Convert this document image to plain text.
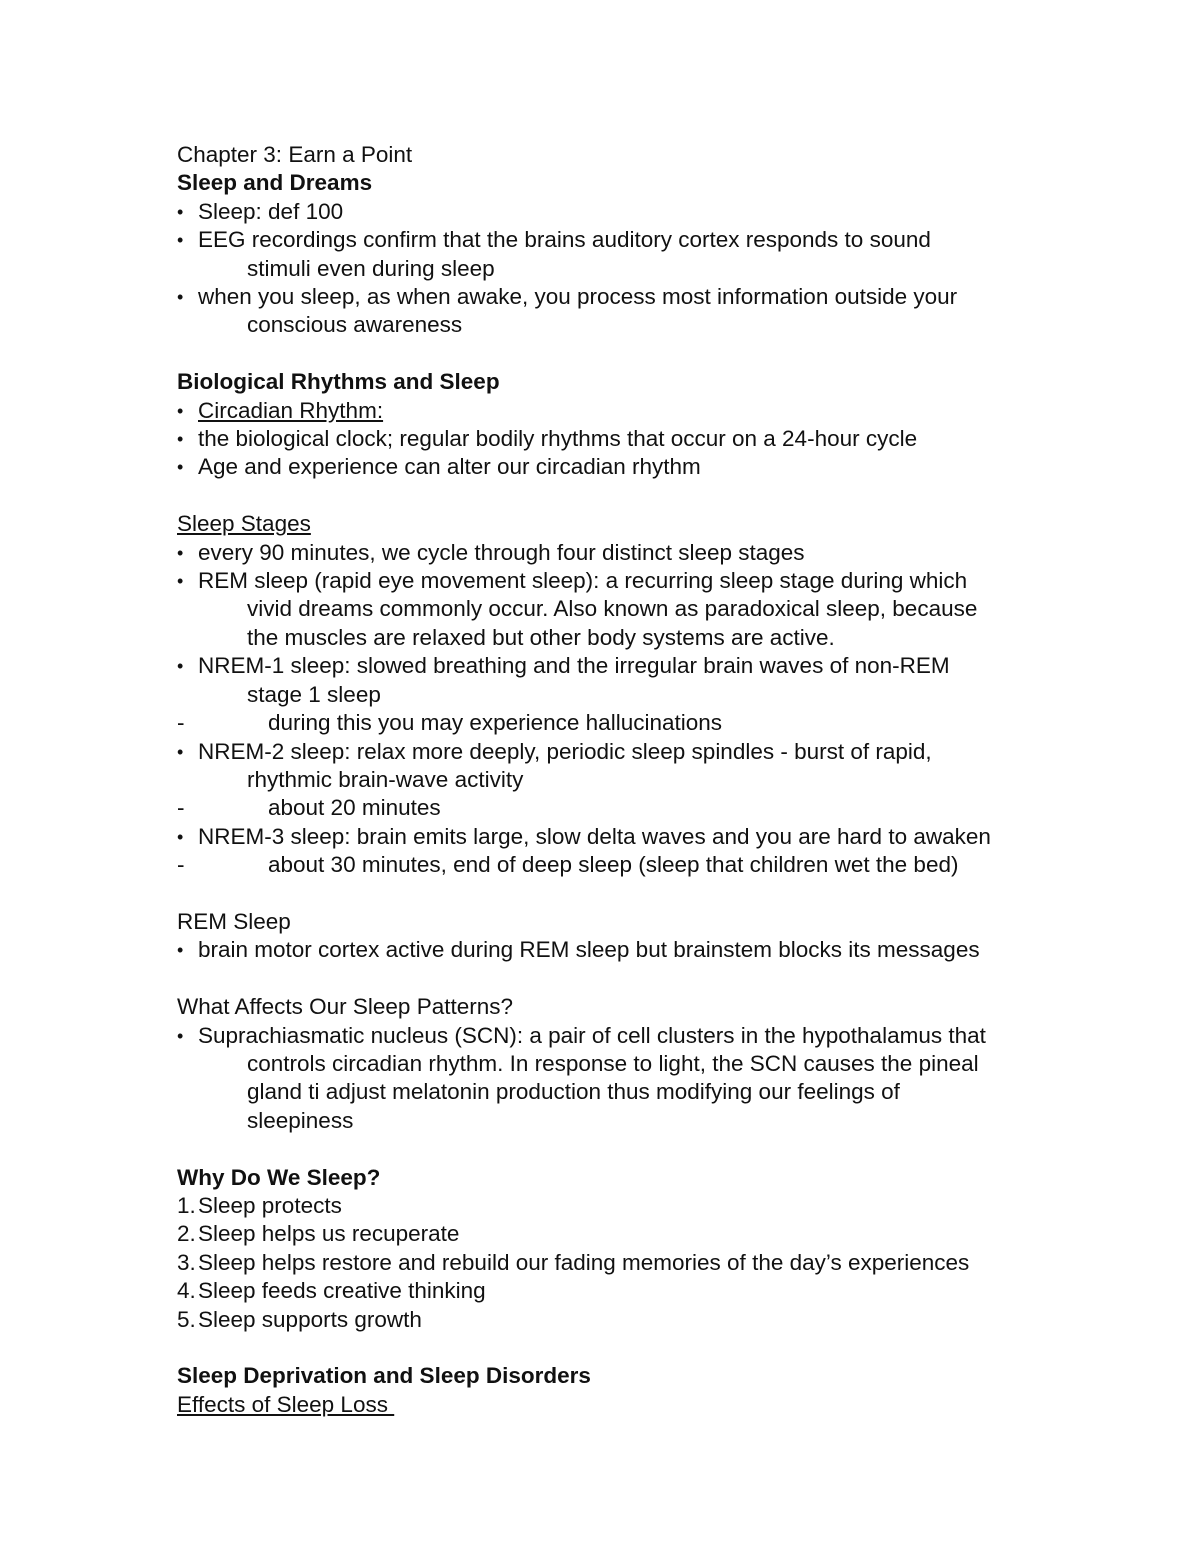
Chapter 3: Earn a Point

Sleep and Dreams

• Sleep: def 100
• EEG recordings confirm that the brains auditory cortex responds to sound
stimuli even during sleep
• when you sleep, as when awake, you process most information outside your
conscious awareness

Biological Rhythms and Sleep

• Circadian Rhythm:
• the biological clock; regular bodily rhythms that occur on a 24-hour cycle
• Age and experience can alter our circadian rhythm

Sleep Stages

• every 90 minutes, we cycle through four distinct sleep stages
• REM sleep (rapid eye movement sleep): a recurring sleep stage during which
vivid dreams commonly occur. Also known as paradoxical sleep, because
the muscles are relaxed but other body systems are active.
• NREM-1 sleep: slowed breathing and the irregular brain waves of non-REM
stage 1 sleep
-	during this you may experience hallucinations
• NREM-2 sleep: relax more deeply, periodic sleep spindles - burst of rapid,
rhythmic brain-wave activity
-	about 20 minutes
• NREM-3 sleep: brain emits large, slow delta waves and you are hard to awaken
-	about 30 minutes, end of deep sleep (sleep that children wet the bed)

REM Sleep

• brain motor cortex active during REM sleep but brainstem blocks its messages

What Affects Our Sleep Patterns?

• Suprachiasmatic nucleus (SCN): a pair of cell clusters in the hypothalamus that
controls circadian rhythm. In response to light, the SCN causes the pineal
gland ti adjust melatonin production thus modifying our feelings of
sleepiness

Why Do We Sleep?

1. Sleep protects
2. Sleep helps us recuperate
3. Sleep helps restore and rebuild our fading memories of the day’s experiences
4. Sleep feeds creative thinking
5. Sleep supports growth

Sleep Deprivation and Sleep Disorders

Effects of Sleep Loss
